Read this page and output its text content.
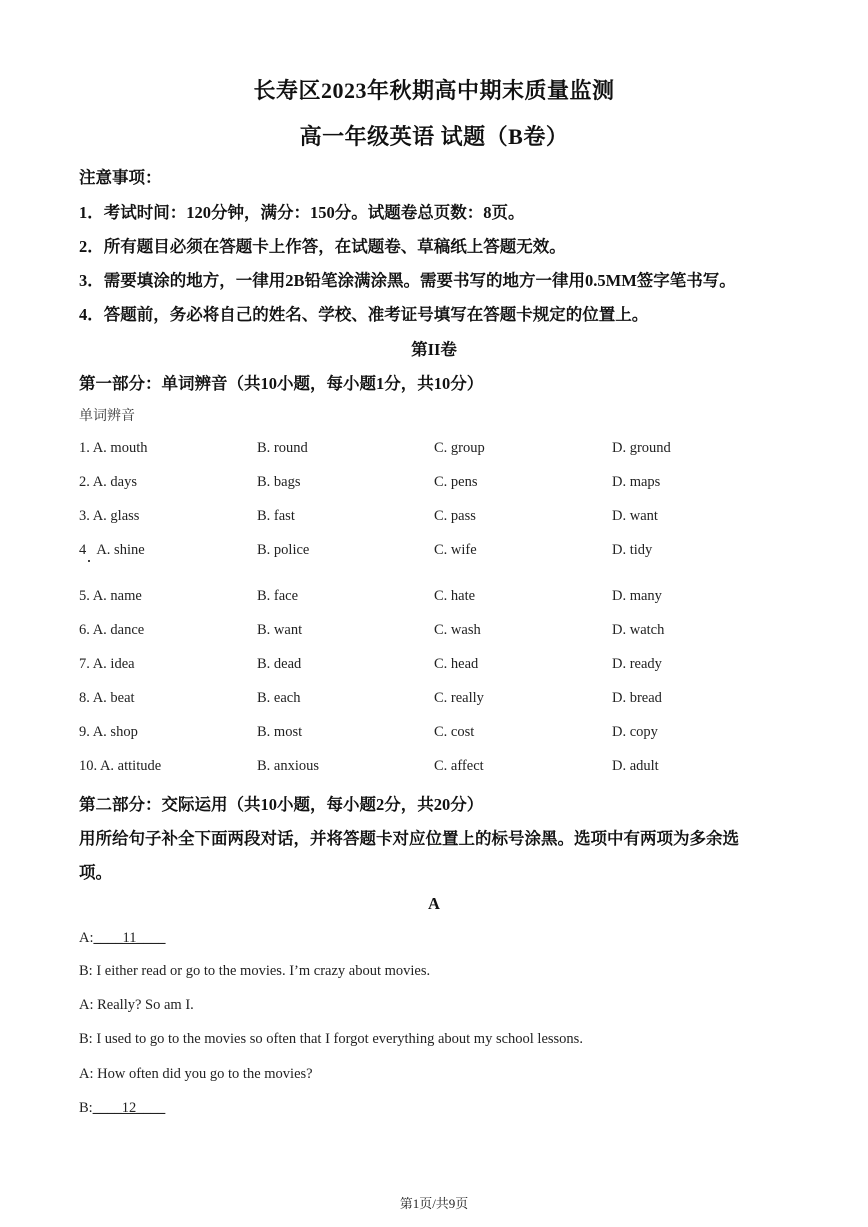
长寿区2023年秋期高中期末质量监测
高一年级英语 试题（B卷）
注意事项：
1．考试时间：120分钟，满分：150分。试题卷总页数：8页。
2．所有题目必须在答题卡上作答，在试题卷、草稿纸上答题无效。
3．需要填涂的地方，一律用2B铅笔涂满涂黑。需要书写的地方一律用0.5MM签字笔书写。
4．答题前，务必将自己的姓名、学校、准考证号填写在答题卡规定的位置上。
第II卷
第一部分：单词辨音（共10小题，每小题1分，共10分）
单词辨音
1. A. mouth	B. round	C. group	D. ground
2. A. days	B. bags	C. pens	D. maps
3. A. glass	B. fast	C. pass	D. want
4   A. shine	B. police	C. wife	D. tidy
5. A. name	B. face	C. hate	D. many
6. A. dance	B. want	C. wash	D. watch
7. A. idea	B. dead	C. head	D. ready
8. A. beat	B. each	C. really	D. bread
9. A. shop	B. most	C. cost	D. copy
10. A. attitude	B. anxious	C. affect	D. adult
第二部分：交际运用（共10小题，每小题2分，共20分）
用所给句子补全下面两段对话，并将答题卡对应位置上的标号涂黑。选项中有两项为多余选
项。
A
A:____11____
B: I either read or go to the movies. I’m crazy about movies.
A: Really? So am I.
B: I used to go to the movies so often that I forgot everything about my school lessons.
A: How often did you go to the movies?
B:____12____
第1页/共9页
